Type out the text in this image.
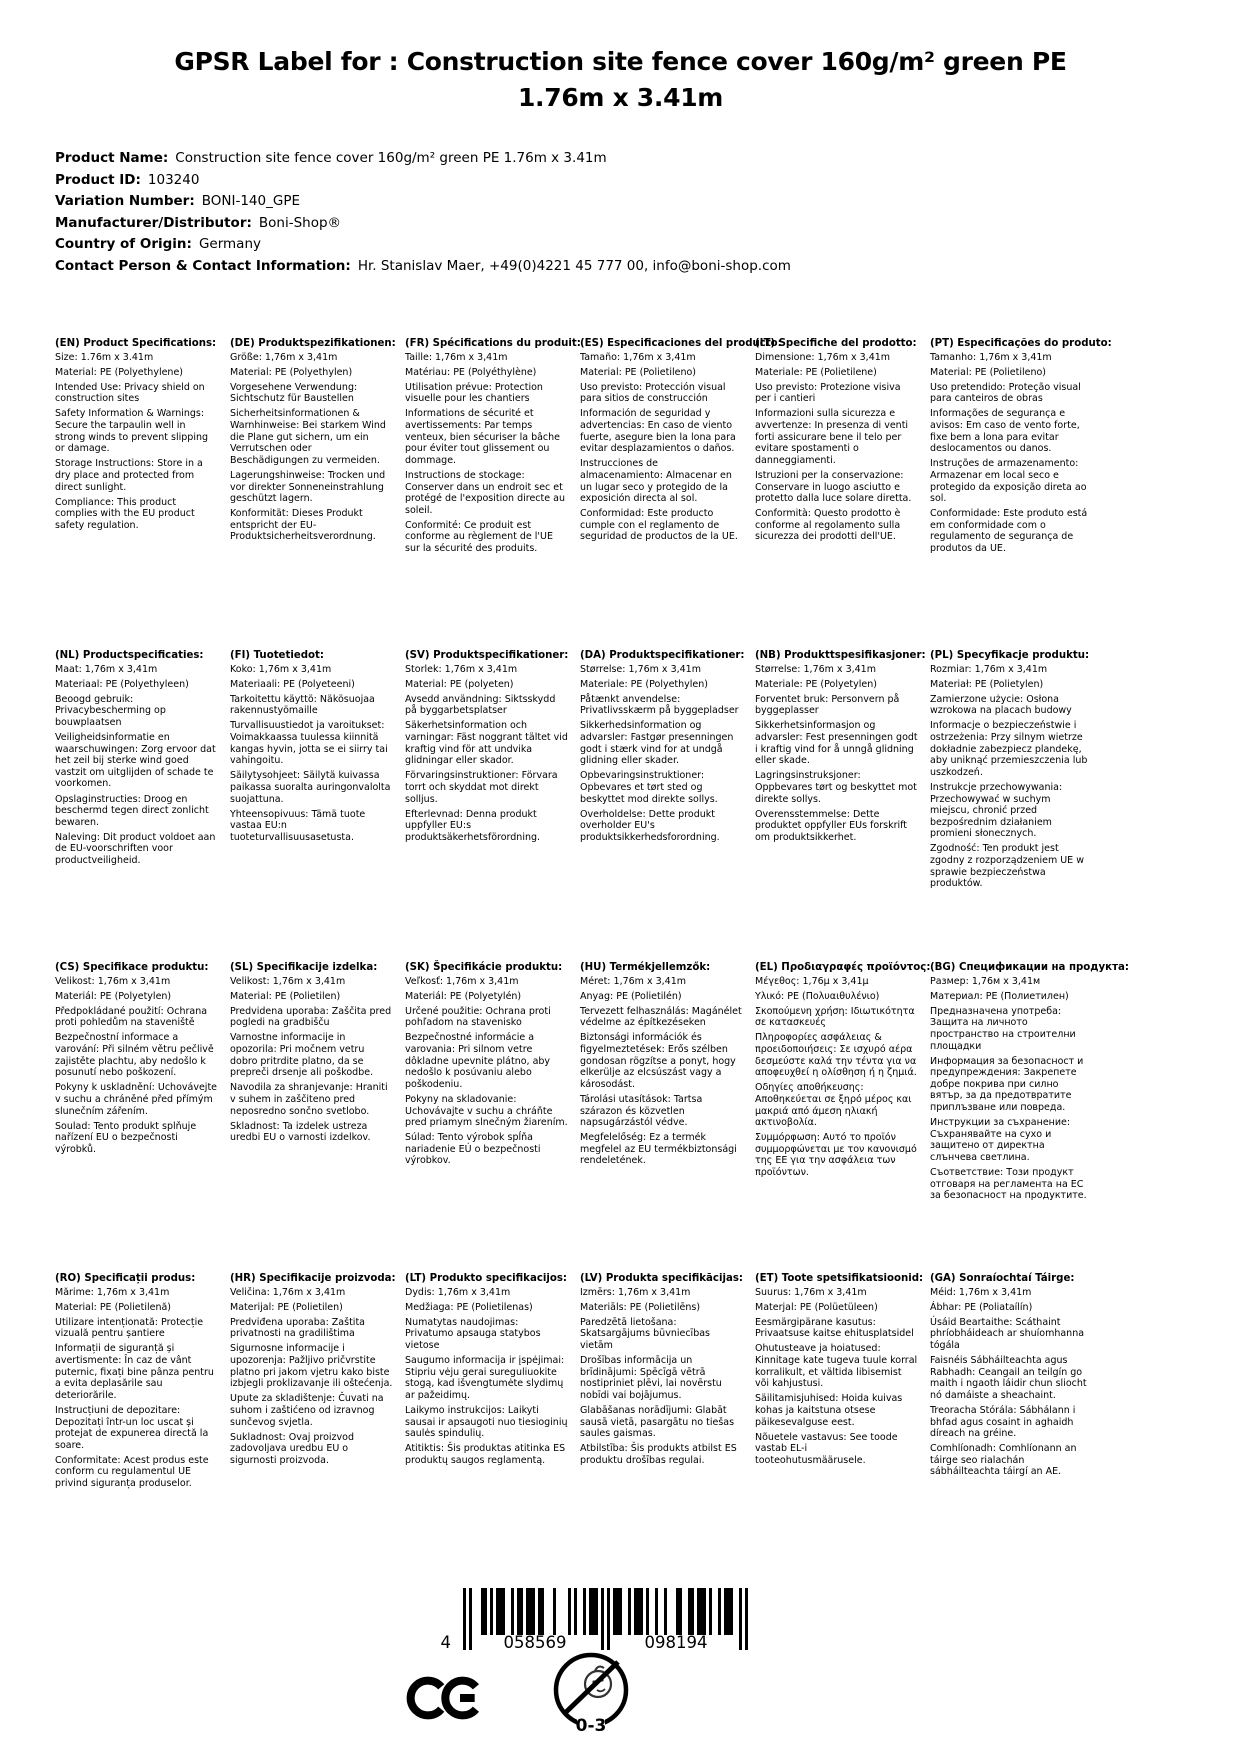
GPSR Label for : Construction site fence cover 160g/m² green PE
1.76m x 3.41m
Product Name: Construction site fence cover 160g/m² green PE 1.76m x 3.41m
Product ID: 103240
Variation Number: BONI-140_GPE
Manufacturer/Distributor: Boni-Shop®
Country of Origin: Germany
Contact Person & Contact Information: Hr. Stanislav Maer, +49(0)4221 45 777 00, info@boni-shop.com
(EN) Product Specifications:

Size: 1.76m x 3.41m

Material: PE (Polyethylene)

Intended Use: Privacy shield on construction sites

Safety Information & Warnings: Secure the tarpaulin well in strong winds to prevent slipping or damage.

Storage Instructions: Store in a dry place and protected from direct sunlight.

Compliance: This product complies with the EU product safety regulation.

(DE) Produktspezifikationen:

Größe: 1,76m x 3,41m

Material: PE (Polyethylen)

Vorgesehene Verwendung: Sichtschutz für Baustellen

Sicherheitsinformationen & Warnhinweise: Bei starkem Wind die Plane gut sichern, um ein Verrutschen oder Beschädigungen zu vermeiden.

Lagerungshinweise: Trocken und vor direkter Sonneneinstrahlung geschützt lagern.

Konformität: Dieses Produkt entspricht der EU-Produktsicherheitsverordnung.

(FR) Spécifications du produit:

Taille: 1,76m x 3,41m

Matériau: PE (Polyéthylène)

Utilisation prévue: Protection visuelle pour les chantiers

Informations de sécurité et avertissements: Par temps venteux, bien sécuriser la bâche pour éviter tout glissement ou dommage.

Instructions de stockage: Conserver dans un endroit sec et protégé de l'exposition directe au soleil.

Conformité: Ce produit est conforme au règlement de l'UE sur la sécurité des produits.

(ES) Especificaciones del producto:

Tamaño: 1,76m x 3,41m

Material: PE (Polietileno)

Uso previsto: Protección visual para sitios de construcción

Información de seguridad y advertencias: En caso de viento fuerte, asegure bien la lona para evitar desplazamientos o daños.

Instrucciones de almacenamiento: Almacenar en un lugar seco y protegido de la exposición directa al sol.

Conformidad: Este producto cumple con el reglamento de seguridad de productos de la UE.

(IT) Specifiche del prodotto:

Dimensione: 1,76m x 3,41m

Materiale: PE (Polietilene)

Uso previsto: Protezione visiva per i cantieri

Informazioni sulla sicurezza e avvertenze: In presenza di venti forti assicurare bene il telo per evitare spostamenti o danneggiamenti.

Istruzioni per la conservazione: Conservare in luogo asciutto e protetto dalla luce solare diretta.

Conformità: Questo prodotto è conforme al regolamento sulla sicurezza dei prodotti dell'UE.

(PT) Especificações do produto:

Tamanho: 1,76m x 3,41m

Material: PE (Polietileno)

Uso pretendido: Proteção visual para canteiros de obras

Informações de segurança e avisos: Em caso de vento forte, fixe bem a lona para evitar deslocamentos ou danos.

Instruções de armazenamento: Armazenar em local seco e protegido da exposição direta ao sol.

Conformidade: Este produto está em conformidade com o regulamento de segurança de produtos da UE.

(NL) Productspecificaties:

Maat: 1,76m x 3,41m

Materiaal: PE (Polyethyleen)

Beoogd gebruik: Privacybescherming op bouwplaatsen

Veiligheidsinformatie en waarschuwingen: Zorg ervoor dat het zeil bij sterke wind goed vastzit om uitglijden of schade te voorkomen.

Opslaginstructies: Droog en beschermd tegen direct zonlicht bewaren.

Naleving: Dit product voldoet aan de EU-voorschriften voor productveiligheid.

(FI) Tuotetiedot:

Koko: 1,76m x 3,41m

Materiaali: PE (Polyeteeni)

Tarkoitettu käyttö: Näkösuojaa rakennustyömaille

Turvallisuustiedot ja varoitukset: Voimakkaassa tuulessa kiinnitä kangas hyvin, jotta se ei siirry tai vahingoitu.

Säilytysohjeet: Säilytä kuivassa paikassa suoralta auringonvalolta suojattuna.

Yhteensopivuus: Tämä tuote vastaa EU:n tuoteturvallisuusasetusta.

(SV) Produktspecifikationer:

Storlek: 1,76m x 3,41m

Material: PE (polyeten)

Avsedd användning: Siktsskydd på byggarbetsplatser

Säkerhetsinformation och varningar: Fäst noggrant tältet vid kraftig vind för att undvika glidningar eller skador.

Förvaringsinstruktioner: Förvara torrt och skyddat mot direkt solljus.

Efterlevnad: Denna produkt uppfyller EU:s produktsäkerhetsförordning.

(DA) Produktspecifikationer:

Størrelse: 1,76m x 3,41m

Materiale: PE (Polyethylen)

Påtænkt anvendelse: Privatlivsskærm på byggepladser

Sikkerhedsinformation og advarsler: Fastgør presenningen godt i stærk vind for at undgå glidning eller skader.

Opbevaringsinstruktioner: Opbevares et tørt sted og beskyttet mod direkte sollys.

Overholdelse: Dette produkt overholder EU's produktsikkerhedsforordning.

(NB) Produkttspesifikasjoner:

Størrelse: 1,76m x 3,41m

Materiale: PE (Polyetylen)

Forventet bruk: Personvern på byggeplasser

Sikkerhetsinformasjon og advarsler: Fest presenningen godt i kraftig vind for å unngå glidning eller skade.

Lagringsinstruksjoner: Oppbevares tørt og beskyttet mot direkte sollys.

Overensstemmelse: Dette produktet oppfyller EUs forskrift om produktsikkerhet.

(PL) Specyfikacje produktu:

Rozmiar: 1,76m x 3,41m

Materiał: PE (Polietylen)

Zamierzone użycie: Osłona wzrokowa na placach budowy

Informacje o bezpieczeństwie i ostrzeżenia: Przy silnym wietrze dokładnie zabezpiecz plandekę, aby uniknąć przemieszczenia lub uszkodzeń.

Instrukcje przechowywania: Przechowywać w suchym miejscu, chronić przed bezpośrednim działaniem promieni słonecznych.

Zgodność: Ten produkt jest zgodny z rozporządzeniem UE w sprawie bezpieczeństwa produktów.

(CS) Specifikace produktu:

Velikost: 1,76m x 3,41m

Materiál: PE (Polyetylen)

Předpokládané použití: Ochrana proti pohledům na staveniště

Bezpečnostní informace a varování: Při silném větru pečlivě zajistěte plachtu, aby nedošlo k posunutí nebo poškození.

Pokyny k uskladnění: Uchovávejte v suchu a chráněné před přímým slunečním zářením.

Soulad: Tento produkt splňuje nařízení EU o bezpečnosti výrobků.

(SL) Specifikacije izdelka:

Velikost: 1,76m x 3,41m

Material: PE (Polietilen)

Predvidena uporaba: Zaščita pred pogledi na gradbišču

Varnostne informacije in opozorila: Pri močnem vetru dobro pritrdite platno, da se prepreči drsenje ali poškodbe.

Navodila za shranjevanje: Hraniti v suhem in zaščiteno pred neposredno sončno svetlobo.

Skladnost: Ta izdelek ustreza uredbi EU o varnosti izdelkov.

(SK) Špecifikácie produktu:

Veľkosť: 1,76m x 3,41m

Materiál: PE (Polyetylén)

Určené použitie: Ochrana proti pohľadom na stavenisko

Bezpečnostné informácie a varovania: Pri silnom vetre dôkladne upevnite plátno, aby nedošlo k posúvaniu alebo poškodeniu.

Pokyny na skladovanie: Uchovávajte v suchu a chráňte pred priamym slnečným žiarením.

Súlad: Tento výrobok spĺňa nariadenie EÚ o bezpečnosti výrobkov.

(HU) Termékjellemzők:

Méret: 1,76m x 3,41m

Anyag: PE (Polietilén)

Tervezett felhasználás: Magánélet védelme az építkezéseken

Biztonsági információk és figyelmeztetések: Erős szélben gondosan rögzítse a ponyt, hogy elkerülje az elcsúszást vagy a károsodást.

Tárolási utasítások: Tartsa szárazon és közvetlen napsugárzástól védve.

Megfelelőség: Ez a termék megfelel az EU termékbiztonsági rendeletének.

(EL) Προδιαγραφές προϊόντος:

Μέγεθος: 1,76μ x 3,41μ

Υλικό: PE (Πολυαιθυλένιο)

Σκοπούμενη χρήση: Ιδιωτικότητα σε κατασκευές

Πληροφορίες ασφάλειας & προειδοποιήσεις: Σε ισχυρό αέρα δεσμεύστε καλά την τέντα για να αποφευχθεί η ολίσθηση ή η ζημιά.

Οδηγίες αποθήκευσης: Αποθηκεύεται σε ξηρό μέρος και μακριά από άμεση ηλιακή ακτινοβολία.

Συμμόρφωση: Αυτό το προϊόν συμμορφώνεται με τον κανονισμό της ΕΕ για την ασφάλεια των προϊόντων.

(BG) Спецификации на продукта:

Размер: 1,76м x 3,41м

Материал: PE (Полиетилен)

Предназначена употреба: Защита на личното пространство на строителни площадки

Информация за безопасност и предупреждения: Закрепете добре покрива при силно вятър, за да предотвратите приплъзване или повреда.

Инструкции за съхранение: Съхранявайте на сухо и защитено от директна слънчева светлина.

Съответствие: Този продукт отговаря на регламента на ЕС за безопасност на продуктите.

(RO) Specificații produs:

Mărime: 1,76m x 3,41m

Material: PE (Polietilenă)

Utilizare intenționată: Protecție vizuală pentru șantiere

Informații de siguranță și avertismente: În caz de vânt puternic, fixați bine pânza pentru a evita deplasările sau deteriorările.

Instrucțiuni de depozitare: Depozitați într-un loc uscat și protejat de expunerea directă la soare.

Conformitate: Acest produs este conform cu regulamentul UE privind siguranța produselor.

(HR) Specifikacije proizvoda:

Veličina: 1,76m x 3,41m

Materijal: PE (Polietilen)

Predviđena uporaba: Zaštita privatnosti na gradilištima

Sigurnosne informacije i upozorenja: Pažljivo pričvrstite platno pri jakom vjetru kako biste izbjegli proklizavanje ili oštećenja.

Upute za skladištenje: Čuvati na suhom i zaštićeno od izravnog sunčevog svjetla.

Sukladnost: Ovaj proizvod zadovoljava uredbu EU o sigurnosti proizvoda.

(LT) Produkto specifikacijos:

Dydis: 1,76m x 3,41m

Medžiaga: PE (Polietilenas)

Numatytas naudojimas: Privatumo apsauga statybos vietose

Saugumo informacija ir įspėjimai: Stipriu vėju gerai sureguliuokite stogą, kad išvengtumėte slydimų ar pažeidimų.

Laikymo instrukcijos: Laikyti sausai ir apsaugoti nuo tiesioginių saulės spindulių.

Atitiktis: Šis produktas atitinka ES produktų saugos reglamentą.

(LV) Produkta specifikācijas:

Izmērs: 1,76m x 3,41m

Materiāls: PE (Polietilēns)

Paredzētā lietošana: Skatsargājums būvniecības vietām

Drošības informācija un brīdinājumi: Spēcīgā vētrā nostipriniet plēvi, lai novērstu nobīdi vai bojājumus.

Glabāšanas norādījumi: Glabāt sausā vietā, pasargātu no tiešas saules gaismas.

Atbilstība: Šis produkts atbilst ES produktu drošības regulai.

(ET) Toote spetsifikatsioonid:

Suurus: 1,76m x 3,41m

Materjal: PE (Polüetüleen)

Eesmärgipärane kasutus: Privaatsuse kaitse ehitusplatsidel

Ohutusteave ja hoiatused: Kinnitage kate tugeva tuule korral korralikult, et vältida libisemist või kahjustusi.

Säilitamisjuhised: Hoida kuivas kohas ja kaitstuna otsese päikesevalguse eest.

Nõuetele vastavus: See toode vastab EL-i tooteohutusmäärusele.

(GA) Sonraíochtaí Táirge:

Méid: 1,76m x 3,41m

Ábhar: PE (Poliataílín)

Úsáid Beartaithe: Scáthaint phríobháideach ar shuíomhanna tógála

Faisnéis Sábháilteachta agus Rabhadh: Ceangail an teilgín go maith i ngaoth láidir chun sliocht nó damáiste a sheachaint.

Treoracha Stórála: Sábhálann i bhfad agus cosaint in aghaidh díreach na gréine.

Comhlíonadh: Comhlíonann an táirge seo rialachán sábháilteachta táirgí an AE.

4	058569	098194
0-3
